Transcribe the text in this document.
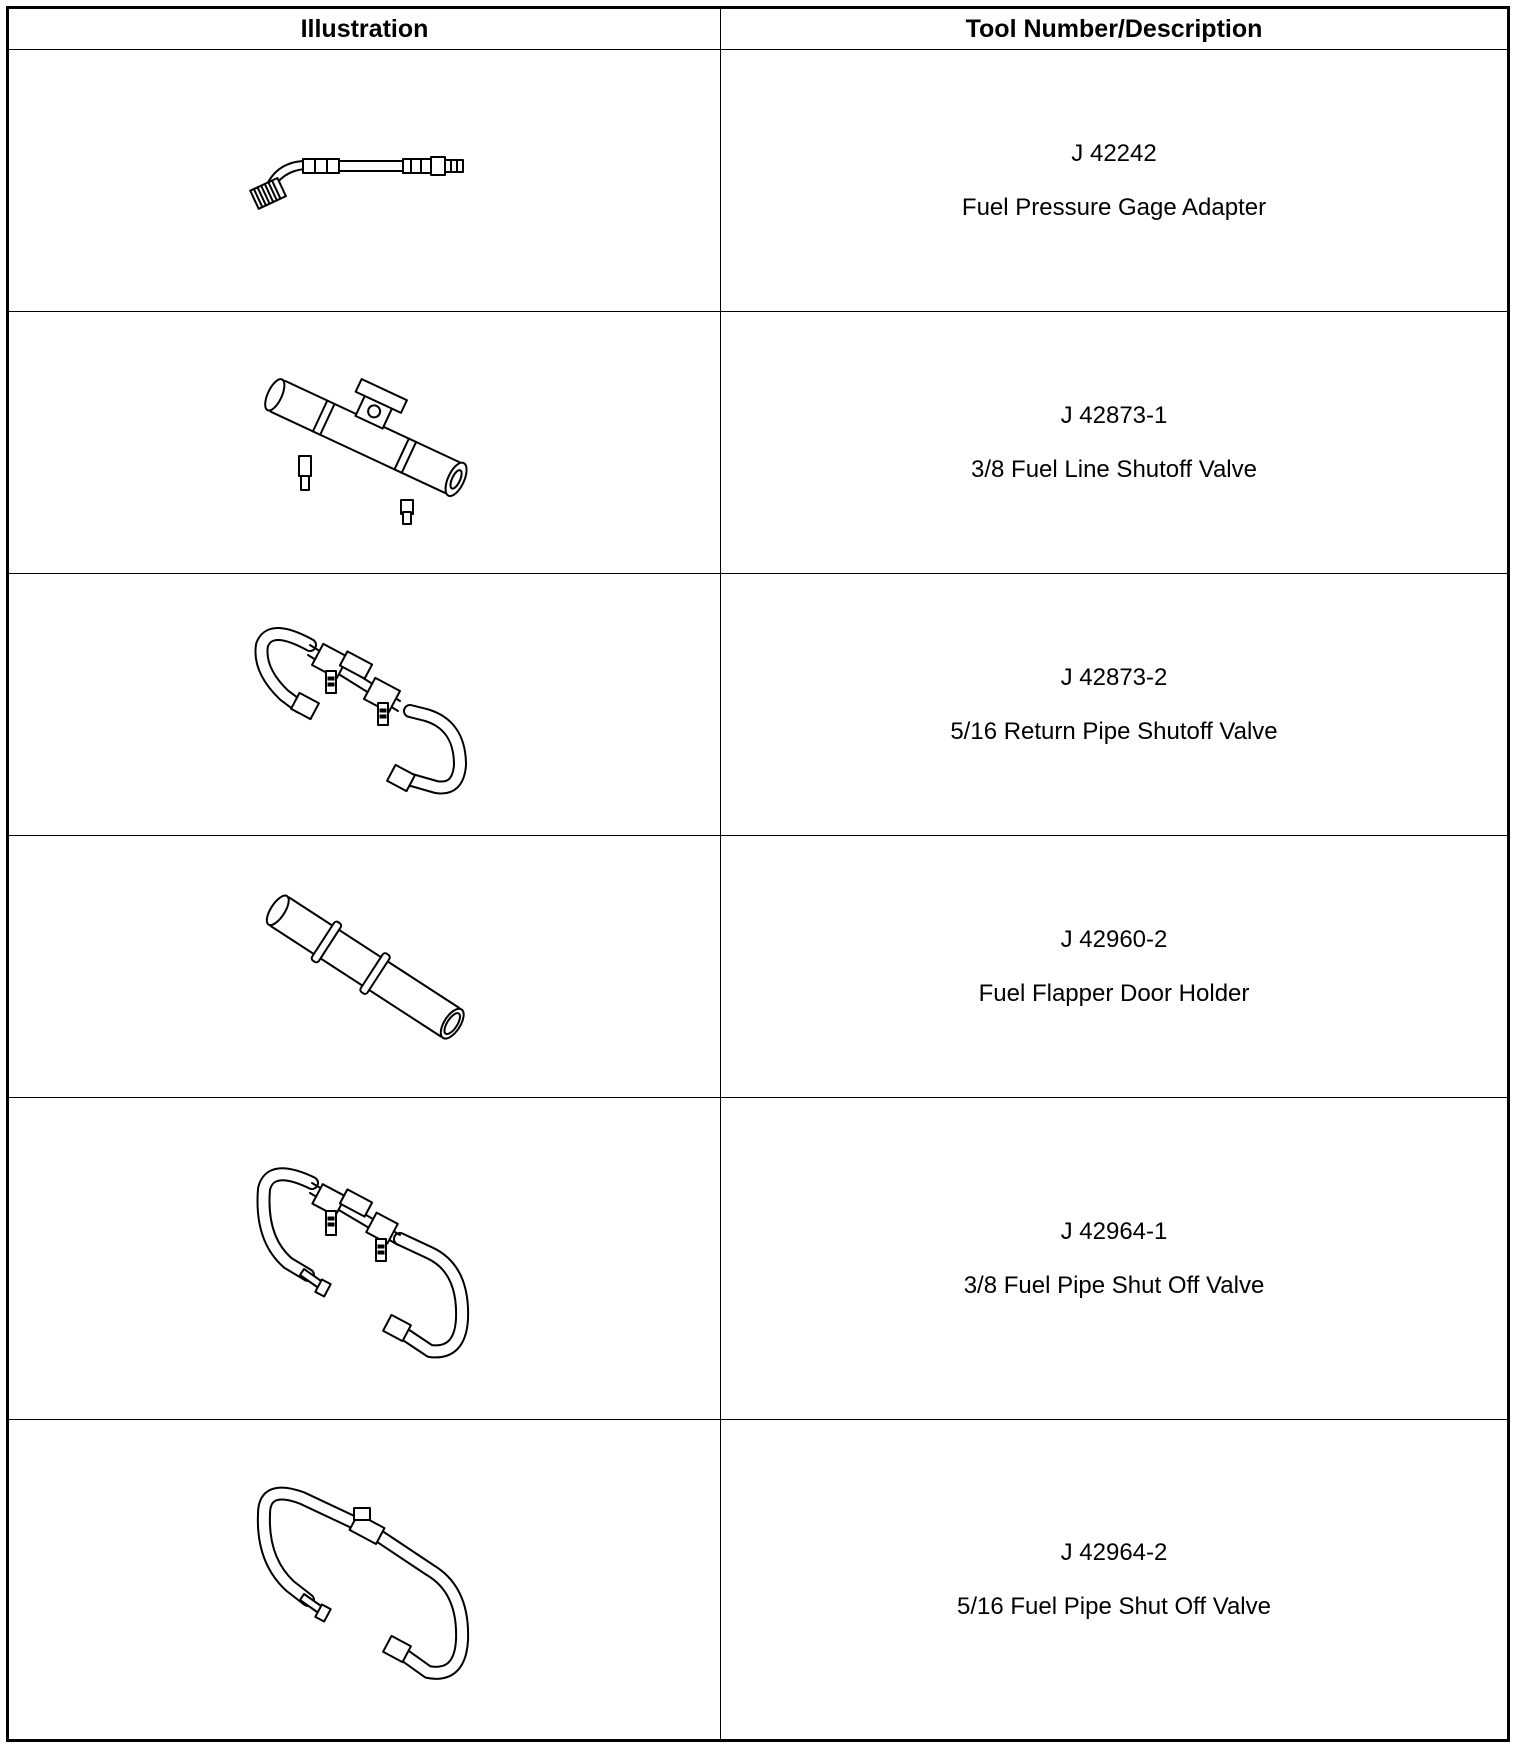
Illustration	Tool Number/Description

J 42242
Fuel Pressure Gage Adapter

J 42873-1
3/8 Fuel Line Shutoff Valve

J 42873-2
5/16 Return Pipe Shutoff Valve

J 42960-2
Fuel Flapper Door Holder

J 42964-1
3/8 Fuel Pipe Shut Off Valve

J 42964-2
5/16 Fuel Pipe Shut Off Valve
